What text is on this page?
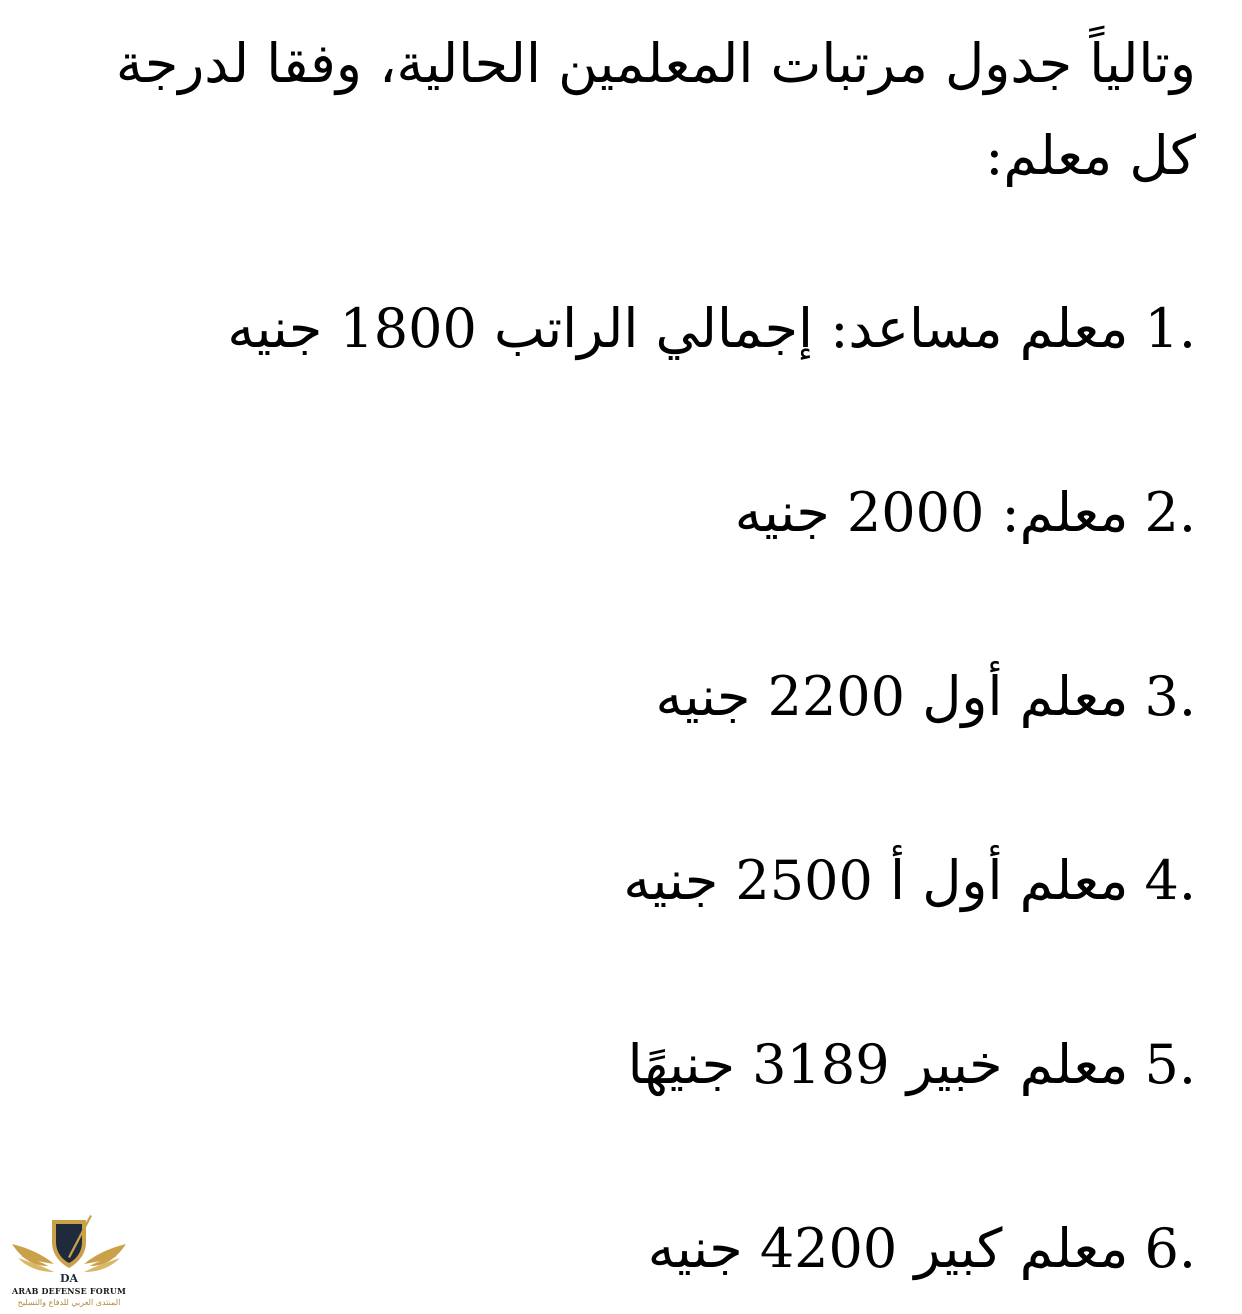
وتالياً جدول مرتبات المعلمين الحالية، وفقا لدرجة كل معلم:

1.
معلم مساعد: إجمالي الراتب 1800 جنيه
2.
معلم: 2000 جنيه
3.
معلم أول 2200 جنيه
4.
معلم أول أ 2500 جنيه
5.
معلم خبير 3189 جنيهًا
6.
معلم كبير 4200 جنيه
DA
ARAB DEFENSE FORUM
المنتدى العربي للدفاع والتسليح
